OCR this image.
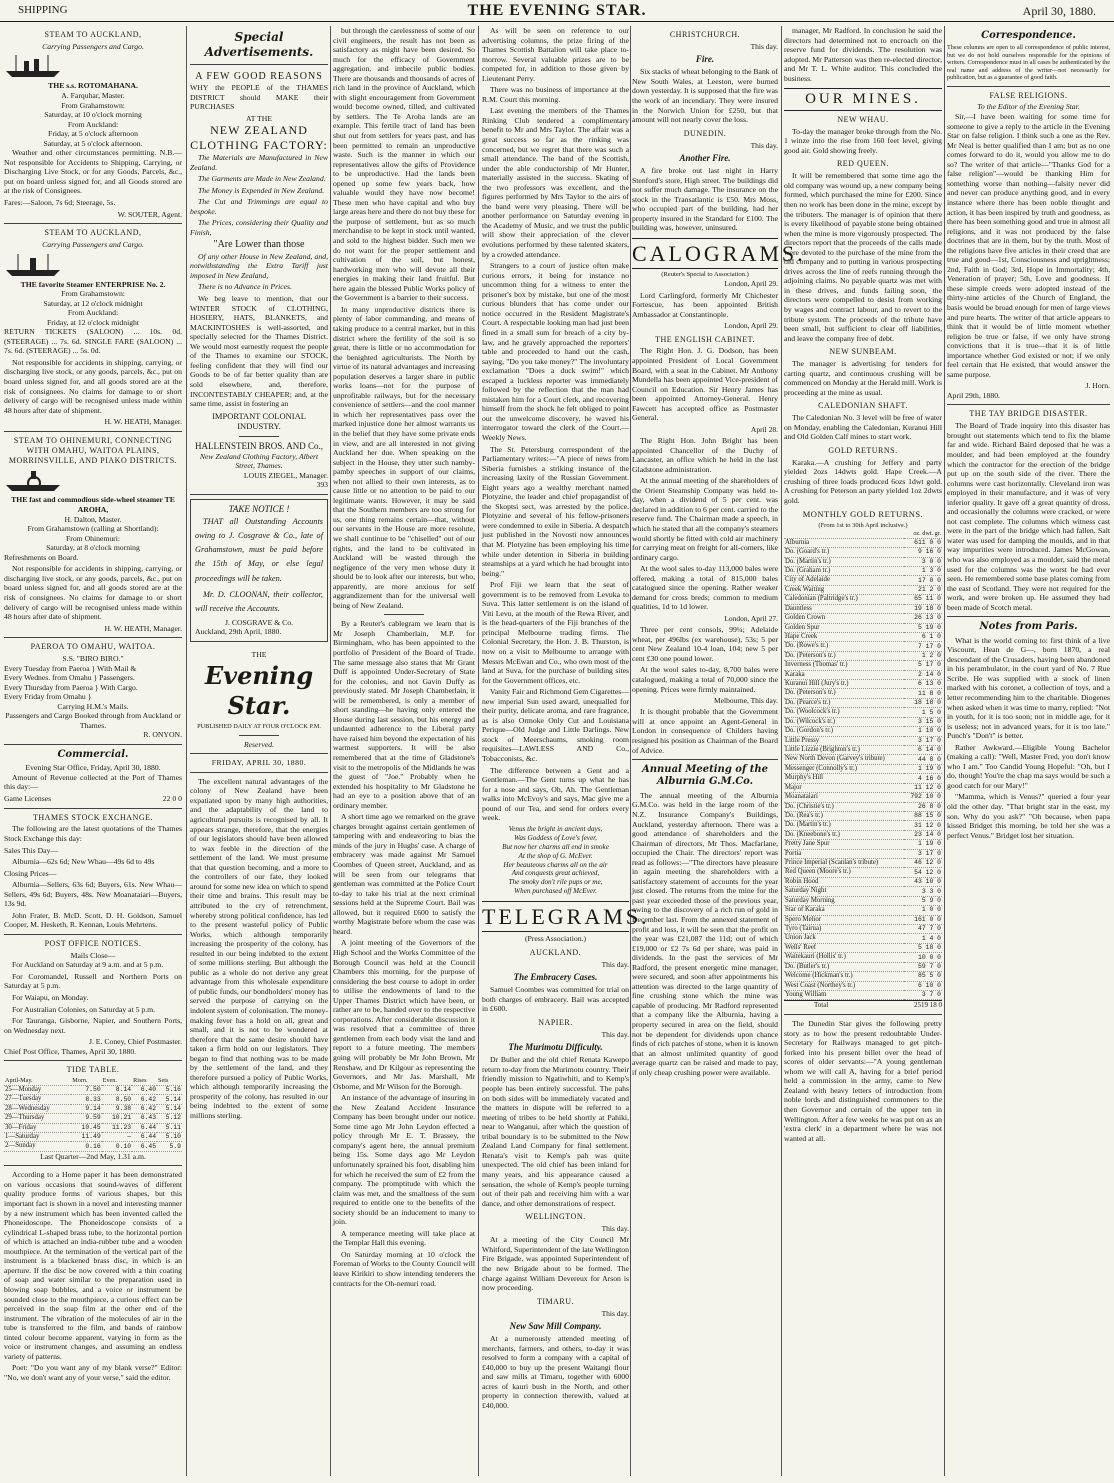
SHIPPING	THE EVENING STAR.	April 30, 1880.
STEAM TO AUCKLAND,
Carrying Passengers and Cargo.
THE s.s. ROTOMAHANA.
A. Farquhar, Master.
From Grahamstown:
Saturday, at 10 o'clock morning
From Auckland:
Friday, at 5 o'clock afternoon
Saturday, at 5 o'clock afternoon.

Weather and other circumstances permitting. N.B.—Not responsible for Accidents to Shipping, Carrying, or Discharging Live Stock, or for any Goods, Parcels, &c., put on board unless signed for, and all Goods stored are at the risk of Consignees.

Fares:—Saloon, 7s 6d; Steerage, 5s.

W. SOUTER, Agent.
STEAM TO AUCKLAND,
Carrying Passengers and Cargo.
THE favorite Steamer ENTERPRISE No. 2.
From Grahamstown:
Saturday, at 12 o'clock midnight
From Auckland:
Friday, at 12 o'clock midnight

RETURN TICKETS (SALOON) ... 10s. 0d. (STEERAGE) ... 7s. 6d. SINGLE FARE (SALOON) ... 7s. 6d. (STEERAGE) ... 5s. 0d.

Not responsible for accidents in shipping, carrying, or discharging live stock, or any goods, parcels, &c., put on board unless signed for, and all goods stored are at the risk of consignees. No claims for damage to or short delivery of cargo will be recognised unless made within 48 hours after date of shipment.

H. W. HEATH, Manager.
STEAM TO OHINEMURI, CONNECTING WITH OMAHU, WAITOA PLAINS, MORRINSVILLE, AND PIAKO DISTRICTS.
THE fast and commodious side-wheel steamer TE AROHA,
H. Dalton, Master.
From Grahamstown (calling at Shortland):
From Ohinemuri:
Saturday, at 8 o'clock morning

Refreshments on Board.

Not responsible for accidents in shipping, carrying, or discharging live stock, or any goods, parcels, &c., put on board unless signed for, and all goods stored are at the risk of consignees. No claims for damage to or short delivery of cargo will be recognised unless made within 48 hours after date of shipment.

H. W. HEATH, Manager.
PAEROA TO OMAHU, WAITOA.
S.S. "BIRO BIRO."
Every Tuesday from Paeroa } With Mail &
Every Wednes. from Omahu } Passengers.
Every Thursday from Paeroa } With Cargo.
Every Friday from Omahu }
Carrying H.M.'s Mails.
Passengers and Cargo Booked through from Auckland or Thames.
R. ONYON.
Commercial.
Evening Star Office, Friday, April 30, 1880.

Amount of Revenue collected at the Port of Thames this day:—

Game Licenses	22 0 0
THAMES STOCK EXCHANGE.

The following are the latest quotations of the Thames Stock Exchange this day:

Sales This Day—

Alburnia—62s 6d; New Whau—49s 6d to 49s

Closing Prices—

Alburnia—Sellers, 63s 6d; Buyers, 61s. New Whau—Sellers, 49s 6d; Buyers, 48s. New Moanataiari—Buyers, 13s 9d.

John Frater, B. McD. Scott, D. H. Goldson, Samuel Cooper, M. Hesketh, R. Kennan, Louis Mehrtens.

POST OFFICE NOTICES.
Mails Close—

For Auckland on Saturday at 9 a.m. and at 5 p.m.

For Coromandel, Russell and Northern Ports on Saturday at 5 p.m.

For Waiapu, on Monday.

For Australian Colonies, on Saturday at 5 p.m.

For Tauranga, Gisborne, Napier, and Southern Ports, on Wednesday next.

J. E. Coney, Chief Postmaster.
Chief Post Office, Thames, April 30, 1880.
TIDE TABLE.
April-May.	Morn.	Even.	Rises	Sets
25—Monday	7.50	8.14	6.40	5.16
27—Tuesday	8.33	8.50	6.42	5.14
28—Wednesday	9.14	9.38	6.42	5.14
29—Thursday	9.59	10.21	6.43	5.12
30—Friday	10.45	11.23	6.44	5.11
1—Saturday	11.49	—	6.44	5.10
2—Sunday	0.16	0.10	6.45	5.9
Last Quarter—2nd May, 1.31 a.m.

According to a Home paper it has been demonstrated on various occasions that sound-waves of different quality produce forms of various shapes, but this important fact is shown in a novel and interesting manner by a new instrument which has been invented called the Phoneidoscope. The Phoneidoscope consists of a cylindrical L-shaped brass tube, to the horizontal portion of which is attached an india-rubber tube and a wooden mouthpiece. At the termination of the vertical part of the instrument is a blackened brass disc, in which is an aperture. If the disc be now covered with a thin coating of soap and water similar to the preparation used in blowing soap bubbles, and a voice or instrument be sounded close to the mouthpiece, a curious effect can be perceived in the soap film at the other end of the instrument. The vibration of the molecules of air in the tube is transferred to the film, and bands of rainbow tinted colour become apparent, varying in form as the voice or instrument changes, and assuming an endless variety of patterns.

Poet: "Do you want any of my blank verse?" Editor: "No, we don't want any of your verse," said the editor.

Special Advertisements.
A FEW GOOD REASONS

WHY the PEOPLE of the THAMES DISTRICT should MAKE their PURCHASES

AT THE
NEW ZEALAND CLOTHING FACTORY:

The Materials are Manufactured in New Zealand.

The Garments are Made in New Zealand.

The Money is Expended in New Zealand.

The Cut and Trimmings are equal to bespoke.

The Prices, considering their Quality and Finish,

"Are Lower than those

Of any other House in New Zealand, and, notwithstanding the Extra Tariff just imposed in New Zealand,

There is no Advance in Prices.

We beg leave to mention, that our WINTER STOCK of CLOTHING, HOSIERY, HATS, BLANKETS, and MACKINTOSHES is well-assorted, and specially selected for the Thames District. We would most earnestly request the people of the Thames to examine our STOCK, feeling confident that they will find our Goods to be of far better quality than are sold elsewhere, and, therefore, INCONTESTABLY CHEAPER; and, at the same time, assist in fostering an

IMPORTANT COLONIAL INDUSTRY.
HALLENSTEIN BROS. AND Co.,
New Zealand Clothing Factory, Albert Street, Thames.
LOUIS ZIEGEL, Manager.
393
TAKE NOTICE !

THAT all Outstanding Accounts owing to J. Cosgrave & Co., late of Grahamstown, must be paid before the 15th of May, or else legal proceedings will be taken.

Mr. D. CLOONAN, their collector, will receive the Accounts.

J. COSGRAVE & Co.
Auckland, 29th April, 1880.
THE
Evening Star.
PUBLISHED DAILY AT FOUR O'CLOCK P.M.
Reserved.
FRIDAY, APRIL 30, 1880.

The excellent natural advantages of the colony of New Zealand have been expatiated upon by many high authorities, and the adaptability of the land to agricultural pursuits is recognised by all. It appears strange, therefore, that the energies of our legislators should have been allowed to wax feeble in the direction of the settlement of the land. We must presume that that question becoming, and a more to the controllers of our fate, they looked around for some new idea on which to spend their time and brains. This result may be attributed to the cry of retrenchment, whereby strong political confidence, has led to the present wasteful policy of Public Works, which although temporarily increasing the prosperity of the colony, has resulted in our being indebted to the extent of some millions sterling. But although the public as a whole do not derive any great advantage from this wholesale expenditure of public funds, our bondholders' money has served the purpose of carrying on the indolent system of colonisation. The money-making fever has a hold on all, great and small, and it is not to be wondered at therefore that the same desire should have taken a firm hold on our legislators. They began to find that nothing was to be made by the settlement of the land, and they therefore pursued a policy of Public Works, which although temporarily increasing the prosperity of the colony, has resulted in our being indebted to the extent of some millions sterling.

but through the carelessness of some of our civil engineers, the result has not been as satisfactory as might have been desired. So much for the efficacy of Government aggregation, and imbecile public bodies. There are thousands and thousands of acres of rich land in the province of Auckland, which with slight encouragement from Government would become owned, tilled, and cultivated by settlers. The Te Aroha lands are an example. This fertile tract of land has been shut out from settlers for years past, and has been permitted to remain an unproductive waste. Such is the manner in which our representatives allow the gifts of Providence to be unproductive. Had the lands been opened up some few years back, how valuable would they have now become! These men who have capital and who buy large areas here and there do not buy these for the purpose of settlement, but as so much merchandise to be kept in stock until wanted, and sold to the highest bidder. Such men we do not want for the proper settlement and cultivation of the soil, but honest, hardworking men who will devote all their energies in making their land fruitful. But here again the blessed Public Works policy of the Government is a barrier to their success.

In many unproductive districts there is plenty of labor commanding, and means of taking produce to a central market, but in this district where the fertility of the soil is so great, there is little or no accommodation for the benighted agriculturists. The North by virtue of its natural advantages and increasing population deserves a larger share in public works loans—not for the purpose of unprofitable railways, but for the necessary convenience of settlers—and the cool manner in which her representatives pass over the marked injustice done her almost warrants us in the belief that they have some private ends in view, and are all interested in not giving Auckland her due. When speaking on the subject in the House, they utter such namby-pamby speeches in support of our claims, when not allied to their own interests, as to cause little or no attention to be paid to our legitimate wants. However, it may be said that the Southern members are too strong for us, one thing remains certain—that, without our servants in the House are more resolute, we shall continue to be "chiselled" out of our rights, and the land to be cultivated in Auckland will be wasted through the negligence of the very men whose duty it should be to look after our interests, but who, apparently, are more anxious for self aggrandizement than for the universal well being of New Zealand.

By a Reuter's cablegram we learn that is Mr Joseph Chamberlain, M.P. for Birmingham, who has been appointed to the portfolio of President of the Board of Trade. The same message also states that Mr Grant Duff is appointed Under-Secretary of State for the colonies, and not Gavin Duffy as previously stated. Mr Joseph Chamberlain, it will be remembered, is only a member of short standing—he having only entered the House during last session, but his energy and undaunted adherence to the Liberal party have raised him beyond the expectation of his warmest supporters. It will be also remembered that at the time of Gladstone's visit to the metropolis of the Midlands he was the guest of "Joe." Probably when he extended his hospitality to Mr Gladstone he had an eye to a position above that of an ordinary member.

A short time ago we remarked on the grave charges brought against certain gentlemen of tampering with and endeavoring to bias the minds of the jury in Hughs' case. A charge of embracery was made against Mr Samuel Coombes of Queen street, Auckland, and as will be seen from our telegrams that gentleman was committed at the Police Court to-day to take his trial at the next criminal sessions held at the Supreme Court. Bail was allowed, but it required £600 to satisfy the worthy Magistrate before whom the case was heard.

A joint meeting of the Governors of the High School and the Works Committee of the Borough Council was held at the Council Chambers this morning, for the purpose of considering the best course to adopt in order to utilise the endowments of land to the Upper Thames District which have been, or rather are to be, handed over to the respective corporations. After considerable discussion it was resolved that a committee of three gentlemen from each body visit the land and report to a future meeting. The members going will probably be Mr John Brown, Mr Renshaw, and Dr Kilgour as representing the Governors, and Mr Jas. Marshall, Mr Osborne, and Mr Wilson for the Borough.

An instance of the advantage of insuring in the New Zealand Accident Insurance Company has been brought under our notice. Some time ago Mr John Leydon effected a policy through Mr E. T. Brassey, the company's agent here, the annual premium being 15s. Some days ago Mr Leydon unfortunately sprained his foot, disabling him for which he received the sum of £2 from the company. The promptitude with which the claim was met, and the smallness of the sum required to entitle one to the benefits of the society should be an inducement to many to join.

A temperance meeting will take place at the Templar Hall this evening.

On Saturday morning at 10 o'clock the Foreman of Works to the County Council will leave Kirikiri to show intending tenderers the contracts for the Oh-nemuri road.

As will be seen on reference to our advertising columns, the prize firing of the Thames Scottish Battalion will take place to-morrow. Several valuable prizes are to be competed for, in addition to those given by Lieutenant Perry.

There was no business of importance at the R.M. Court this morning.

Last evening the members of the Thames Rinking Club tendered a complimentary benefit to Mr and Mrs Taylor. The affair was a great success so far as the rinking was concerned, but we regret that there was such a small attendance. The band of the Scottish, under the able conductorship of Mr Hunter, materially assisted in the success. Skating of the two professors was excellent, and the figures performed by Mrs Taylor to the airs of the band were very pleasing. There will be another performance on Saturday evening in the Academy of Music, and we trust the public will show their appreciation of the clever evolutions performed by these talented skaters, by a crowded attendance.

Strangers to a court of justice often make curious errors, it being for instance no uncommon thing for a witness to enter the prisoner's box by mistake, but one of the most curious blunders that has come under our notice occurred in the Resident Magistrate's Court. A respectable looking man had just been fined in a small sum for breach of a city by-law, and he gravely approached the reporters' table and proceeded to hand out the cash, saying, "Do you take money?" The involuntary exclamation "Does a duck swim!" which escaped a luckless reporter was immediately followed by the reflection that the man had mistaken him for a Court clerk, and recovering himself from the shock he felt obliged to point out the unwelcome discovery, he waved his interrogator toward the clerk of the Court.—Weekly News.

The St. Petersburg correspondent of the Parliamentary writes:—"A piece of news from Siberia furnishes a striking instance of the increasing laxity of the Russian Government. Eight years ago a wealthy merchant named Plotyzine, the leader and chief propagandist of the Skoptsi sect, was arrested by the police. Plotyzine and several of his fellow-prisoners were condemned to exile in Siberia. A despatch just published in the Novosti now announces that M. Plotyzine has been employing his time while under detention in Siberia in building steamships at a yard which he had brought into being."

Prof Fiji we learn that the seat of government is to be removed from Levuka to Suva. This latter settlement is on the island of Viti Levu, at the mouth of the Rewa River, and is the head-quarters of the Fiji branches of the principal Melbourne trading firms. The Colonial Secretary, the Hon. J. B. Thurston, is now on a visit to Melbourne to arrange with Messrs McEwan and Co., who own most of the land at Suva, for the purchase of building sites for the Government offices, etc.

Vanity Fair and Richmond Gem Cigarettes—new imperial Sun used award, unequalled for their purity, delicate aroma, and rare fragrance, as is also Ormoke Only Cut and Louisiana Perique—Old Judge and Little Darlings. New stock of Meerschaums, smoking room requisites—LAWLESS AND Co., Tobacconists, &c.

The difference between a Gent and a Gentleman.—The Gent turns up what he has for a nose and says, Oh, Ah. The Gentleman walks into McEvoy's and says, Mac give me a pound of our Tea, and send for orders every week.

Venus the bright in ancient days,
Was Goddess of Love's fever,
But now her charms all end in smoke
At the shop of G. McEver.
Her beauteous charms all on the air
And conquests great achieved,
The smoky don't rile pups or me,
When purchased off McEver.
TELEGRAMS.
(Press Association.)
AUCKLAND.
This day.
The Embracery Cases.

Samuel Coombes was committed for trial on both charges of embracery. Bail was accepted in £600.

NAPIER.
This day.
The Murimotu Difficulty.

Dr Buller and the old chief Renata Kawepo return to-day from the Murimotu country. Their friendly mission to Ngatiwhiti, and to Kemp's people has been entirely successful. The pahs on both sides will be immediately vacated and the matters in dispute will be referred to a meeting of tribes to be held shortly at Pahiki, near to Wanganui, after which the question of tribal boundary is to be submitted to the New Zealand Land Company for final settlement. Renata's visit to Kemp's pah was quite unexpected. The old chief has been inland for many years, and his appearance caused a sensation, the whole of Kemp's people turning out of their pah and receiving him with a war dance, and other demonstrations of respect.

WELLINGTON.
This day.

At a meeting of the City Council Mr Whitford, Superintendent of the late Wellington Fire Brigade, was appointed Superintendent of the new Brigade about to be formed. The charge against William Devereux for Arson is now proceeding.

TIMARU.
This day.
New Saw Mill Company.

At a numerously attended meeting of merchants, farmers, and others, to-day it was resolved to form a company with a capital of £40,000 to buy up the present Waitangi flour and saw mills at Timaru, together with 6000 acres of kauri bush in the North, and other property in connection therewith, valued at £40,000.

CHRISTCHURCH.
This day.
Fire.

Six stacks of wheat belonging to the Bank of New South Wales, at Leeston, were burned down yesterday. It is supposed that the fire was the work of an incendiary. They were insured in the Norwich Union for £250, but that amount will not nearly cover the loss.

DUNEDIN.
This day.
Another Fire.

A fire broke out last night in Harry Stenford's store, High street. The buildings did not suffer much damage. The insurance on the stock in the Transatlantic is £50. Mrs Moss, who occupied part of the building, had her property insured in the Standard for £100. The building was, however, uninsured.

CALOGRAMS.
(Reuter's Special to Association.)
London, April 29.

Lord Carlingford, formerly Mr Chichester Fortescue, has been appointed British Ambassador at Constantinople.

London, April 29.
THE ENGLISH CABINET.

The Right Hon. J. G. Dodson, has been appointed President of Local Government Board, with a seat in the Cabinet. Mr Anthony Mundella has been appointed Vice-president of Council on Education. Sir Henry James has been appointed Attorney-General. Henry Fawcett has accepted office as Postmaster General.

April 28.

The Right Hon. John Bright has been appointed Chancellor of the Duchy of Lancaster, an office which he held in the last Gladstone administration.

At the annual meeting of the shareholders of the Orient Steamship Company was held to-day, when a dividend of 5 per cent. was declared in addition to 6 per cent. carried to the reserve fund. The Chairman made a speech, in which he stated that all the company's steamers would shortly be fitted with cold air machinery for carrying meat on freight for all-comers, like ordinary cargo.

At the wool sales to-day 113,000 bales were offered, making a total of 815,000 bales catalogued since the opening. Rather weaker demand for cross breds; common to medium qualities, 1d to 1d lower.

London, April 27.

Three per cent consols, 99¼; Adelaide wheat, per 496lbs (ex warehouse), 53s; 5 per cent New Zealand 10-4 loan, 104; new 5 per cent £30 one pound lower.

At the wool sales to-day, 8,700 bales were catalogued, making a total of 70,000 since the opening. Prices were firmly maintained.

Melbourne, This day.

It is thought probable that the Government will at once appoint an Agent-General in London in consequence of Childers having resigned his position as Chairman of the Board of Advice.

Annual Meeting of the Alburnia G.M.Co.

The annual meeting of the Alburnia G.M.Co. was held in the large room of the N.Z. Insurance Company's Buildings, Auckland, yesterday afternoon. There was a good attendance of shareholders and the Chairman of directors, Mr Thos. Macfarlane, occupied the Chair. The directors' report was read as follows:—"The directors have pleasure in again meeting the shareholders with a satisfactory statement of accounts for the year just closed. The returns from the mine for the past year exceeded those of the previous year, owing to the discovery of a rich run of gold in December last. From the annexed statement of profit and loss, it will be seen that the profit on the year was £21,087 the 11d; out of which £19,000 or £2 7s 6d per share, was paid in dividends. In the past the services of Mr Radford, the present energetic mine manager, were secured, and soon after appointments his attention was directed to the large quantity of fine crushing stone which the mine was capable of producing. Mr Radford represented that a company like the Alburnia, having a property secured in area on the field, should not be dependent for dividends upon chance finds of rich patches of stone, when it is known that an almost unlimited quantity of good average quartz can be raised and made to pay, if only cheap crushing power were available.

manager, Mr Radford. In conclusion he said the directors had determined not to encroach on the reserve fund for dividends. The resolution was adopted. Mr Patterson was then re-elected director, and Mr T. L. White auditor. This concluded the business.

OUR MINES.
NEW WHAU.

To-day the manager broke through from the No. 1 winze into the rise from 160 feet level, giving good air. Gold showing freely.

RED QUEEN.

It will be remembered that some time ago the old company was wound up, a new company being formed, which purchased the mine for £200. Since then no work has been done in the mine, except by the tributers. The manager is of opinion that there is every likelihood of payable stone being obtained when the mine is more vigorously prospected. The directors report that the proceeds of the calls made were devoted to the purchase of the mine from the old company and to putting in various prospecting drives across the line of reefs running through the adjoining claims. No payable quartz was met with in these drives, and funds failing soon, the directors were compelled to desist from working by wages and contract labour, and to revert to the tribute system. The proceeds of the tribute have been small, but sufficient to clear off liabilities, and leave the company free of debt.

NEW SUNBEAM.

The manager is advertising for tenders for carting quartz, and continuous crushing will be commenced on Monday at the Herald mill. Work is proceeding at the mine as usual.

CALEDONIAN SHAFT.

The Caledonian No. 3 level will be free of water on Monday, enabling the Caledonian, Kuranui Hill and Old Golden Calf mines to start work.

GOLD RETURNS.

Karaka.—A crushing for Jeffery and party yielded 2ozs 14dwts gold. Hape Creek.—A crushing of three loads produced 6ozs 1dwt gold. A crushing for Peterson an party yielded 1oz 2dwts gold.

MONTHLY GOLD RETURNS.
(From 1st to 30th April inclusive.)
	oz. dwt. gr.
Alburnia	611 0 0
Do. (Goard's tr.)	9 16 0
Do. (Martin's tr.)	3 0 0
Do. (Graham tr.)	1 3 0
City of Adelaide	17 0 0
Creek Waiting	21 2 0
Caledonian (Paltridge's tr.)	65 11 0
Dauntless	19 18 0
Golden Crown	26 13 0
Golden Spur	5 19 0
Hape Creek	6 1 0
Do. (Rowe's tr.)	7 17 0
Do. (Peterson's tr.)	1 2 0
Inverness (Thomas' tr.)	5 17 0
Karaka	2 14 0
Kuranui Hill (Jury's tr.)	6 13 0
Do. (Peterson's tr.)	11 8 0
Do. (Pearce's tr.)	18 18 0
Do. (Woolcock's tr.)	1 5 0
Do. (Wilcock's tr.)	3 15 0
Do. (Gordon's tr.)	1 10 0
Little Pressy	3 17 0
Little Lizzie (Brighton's tr.)	6 14 0
New North Devon (Garvey's tribute)	44 8 0
Messenger (Connolly's tr.)	1 19 0
Murphy's Hill	4 16 0
Major	11 12 0
Moanataiari	792 10 0
Do. (Christie's tr.)	26 8 0
Do. (Rea's tr.)	88 15 0
Do. (Martin's tr.)	31 12 0
Do. (Kneebone's tr.)	23 14 0
Pretty Jane Spur	1 19 0
Portia	3 17 0
Prince Imperial (Scanlan's tribute)	46 12 0
Red Queen (Moore's tr.)	54 12 0
Robin Hood	43 10 0
Saturday Night	3 3 0
Saturday Morning	5 9 0
Star of Karaka	1 0 0
Spero Melior	161 0 0
Tyro (Tairua)	47 7 0
Union Jack	1 4 0
Wells' Reef	5 18 0
Waitekauri (Hollis' tr.)	10 0 0
Do. (Butler's tr.)	59 7 0
Welcome (Hickman's tr.)	85 5 0
West Coast (Northey's tr.)	6 10 0
Young William	3 7 0
Total	2519 18 0

The Dunedin Star gives the following pretty story as to how the present redoubtable Under-Secretary for Railways managed to get pitch-forked into his present billet over the head of scores of older servants:—"A young gentleman whom we will call A, having for a brief period held a commission in the army, came to New Zealand with heavy letters of introduction from noble lords and distinguished commoners to the then Governor and certain of the upper ten in Wellington. After a few weeks he was put on as an 'extra clerk' in a department where he was not wanted at all.

Correspondence.

These columns are open to all correspondence of public interest, but we do not hold ourselves responsible for the opinions of writers. Correspondence must in all cases be authenticated by the real name and address of the writer—not necessarily for publication, but as a guarantee of good faith.

FALSE RELIGIONS.
To the Editor of the Evening Star.

Sir,—I have been waiting for some time for someone to give a reply to the article in the Evening Star on false religion. I think such a one as the Rev. Mr Neal is better qualified than I am; but as no one comes forward to do it, would you allow me to do so? The writer of that article—"Thanks God for a false religion"—would be thanking Him for something worse than nothing—falsity never did and never can produce anything good, and in every instance where there has been noble thought and action, it has been inspired by truth and goodness, as there has been something good and true in almost all religions, and it was not produced by the false doctrines that are in them, but by the truth. Most of the religions have five articles in their creed that are true and good—1st, Consciousness and uprightness; 2nd, Faith in God; 3rd, Hope in Immortality; 4th, Veneration of prayer; 5th, Love and goodness. If these simple creeds were adopted instead of the thirty-nine articles of the Church of England, the basis would be broad enough for men of large views and pure hearts. The writer of that article appears to think that it would be of little moment whether religion be true or false, if we only have strong convictions that it is true—that it is of little importance whether God existed or not; if we only feel certain that He existed, that would answer the same purpose.

J. Horn.
April 29th, 1880.
THE TAY BRIDGE DISASTER.

The Board of Trade inquiry into this disaster has brought out statements which tend to fix the blame far and wide. Richard Baird deposed that he was a moulder, and had been employed at the foundry which the contractor for the erection of the bridge put up on the south side of the river. There the columns were cast horizontally. Cleveland iron was employed in their manufacture, and it was of very inferior quality. It gave off a great quantity of dross, and occasionally the columns were cracked, or were not cast complete. The columns which witness cast were in the part of the bridge which had fallen. Salt water was used for damping the moulds, and in that way impurities were introduced. James McGowan, who was also employed as a moulder, said the metal used for the columns was the worst he had ever seen. He remembered some base plates coming from the east of Scotland. They were not required for the work, and were broken up. He assumed they had been made of Scotch metal.

Notes from Paris.

What is the world coming to: first think of a live Viscount, Hean de G—, born 1870, a real descendant of the Crusaders, having been abandoned in his perambulator, in the court yard of No. 7 Rue Scribe. He was supplied with a stock of linen marked with his coronet, a collection of toys, and a letter recommending him to the charitable. Diogenes when asked when it was time to marry, replied: "Not in youth, for it is too soon; not in middle age, for it is useless; not in advanced years, for it is too late." Punch's "Don't" is better.

Rather Awkward.—Eligible Young Bachelor (making a call): "Well, Master Fred, you don't know who I am." Too Candid Young Hopeful: "Oh, but I do, though! You're the chap ma says would be such a good catch for our Mary!"

"Mamma, which is Venus?" queried a four year old the other day. "That bright star in the east, my son. Why do you ask?" "Oh because, when papa kissed Bridget this morning, he told her she was a perfect Venus." Bridget lost her situation.
